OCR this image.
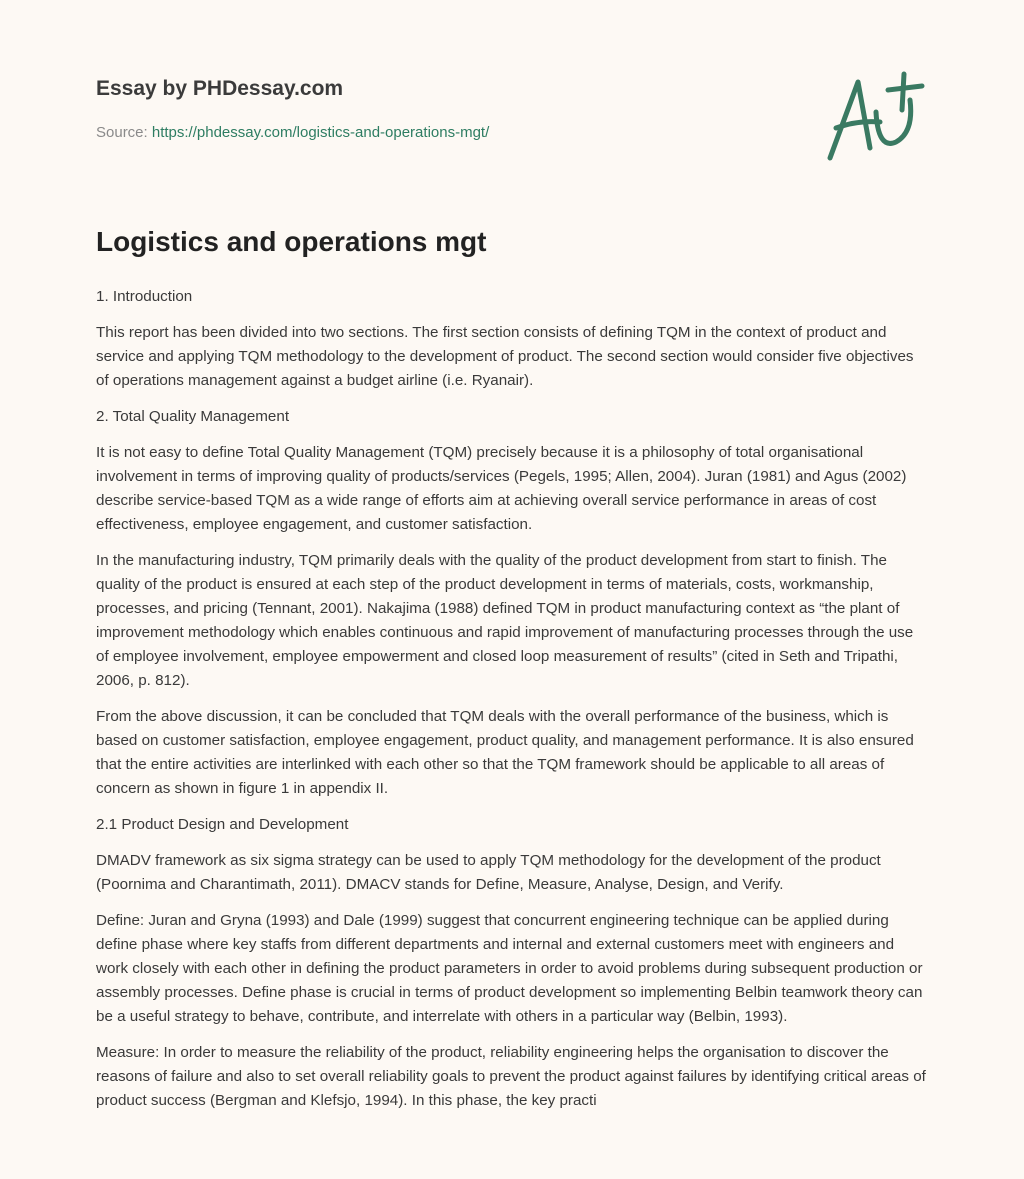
Essay by PHDessay.com
Source: https://phdessay.com/logistics-and-operations-mgt/
Logistics and operations mgt

1. Introduction

This report has been divided into two sections. The first section consists of defining TQM in the context of product and service and applying TQM methodology to the development of product. The second section would consider five objectives of operations management against a budget airline (i.e. Ryanair).

2. Total Quality Management

It is not easy to define Total Quality Management (TQM) precisely because it is a philosophy of total organisational involvement in terms of improving quality of products/services (Pegels, 1995; Allen, 2004). Juran (1981) and Agus (2002) describe service-based TQM as a wide range of efforts aim at achieving overall service performance in areas of cost effectiveness, employee engagement, and customer satisfaction.

In the manufacturing industry, TQM primarily deals with the quality of the product development from start to finish. The quality of the product is ensured at each step of the product development in terms of materials, costs, workmanship, processes, and pricing (Tennant, 2001). Nakajima (1988) defined TQM in product manufacturing context as “the plant of improvement methodology which enables continuous and rapid improvement of manufacturing processes through the use of employee involvement, employee empowerment and closed loop measurement of results” (cited in Seth and Tripathi, 2006, p. 812).

From the above discussion, it can be concluded that TQM deals with the overall performance of the business, which is based on customer satisfaction, employee engagement, product quality, and management performance. It is also ensured that the entire activities are interlinked with each other so that the TQM framework should be applicable to all areas of concern as shown in figure 1 in appendix II.

2.1 Product Design and Development

DMADV framework as six sigma strategy can be used to apply TQM methodology for the development of the product (Poornima and Charantimath, 2011). DMACV stands for Define, Measure, Analyse, Design, and Verify.

Define: Juran and Gryna (1993) and Dale (1999) suggest that concurrent engineering technique can be applied during define phase where key staffs from different departments and internal and external customers meet with engineers and work closely with each other in defining the product parameters in order to avoid problems during subsequent production or assembly processes. Define phase is crucial in terms of product development so implementing Belbin teamwork theory can be a useful strategy to behave, contribute, and interrelate with others in a particular way (Belbin, 1993).

Measure: In order to measure the reliability of the product, reliability engineering helps the organisation to discover the reasons of failure and also to set overall reliability goals to prevent the product against failures by identifying critical areas of product success (Bergman and Klefsjo, 1994). In this phase, the key practi
